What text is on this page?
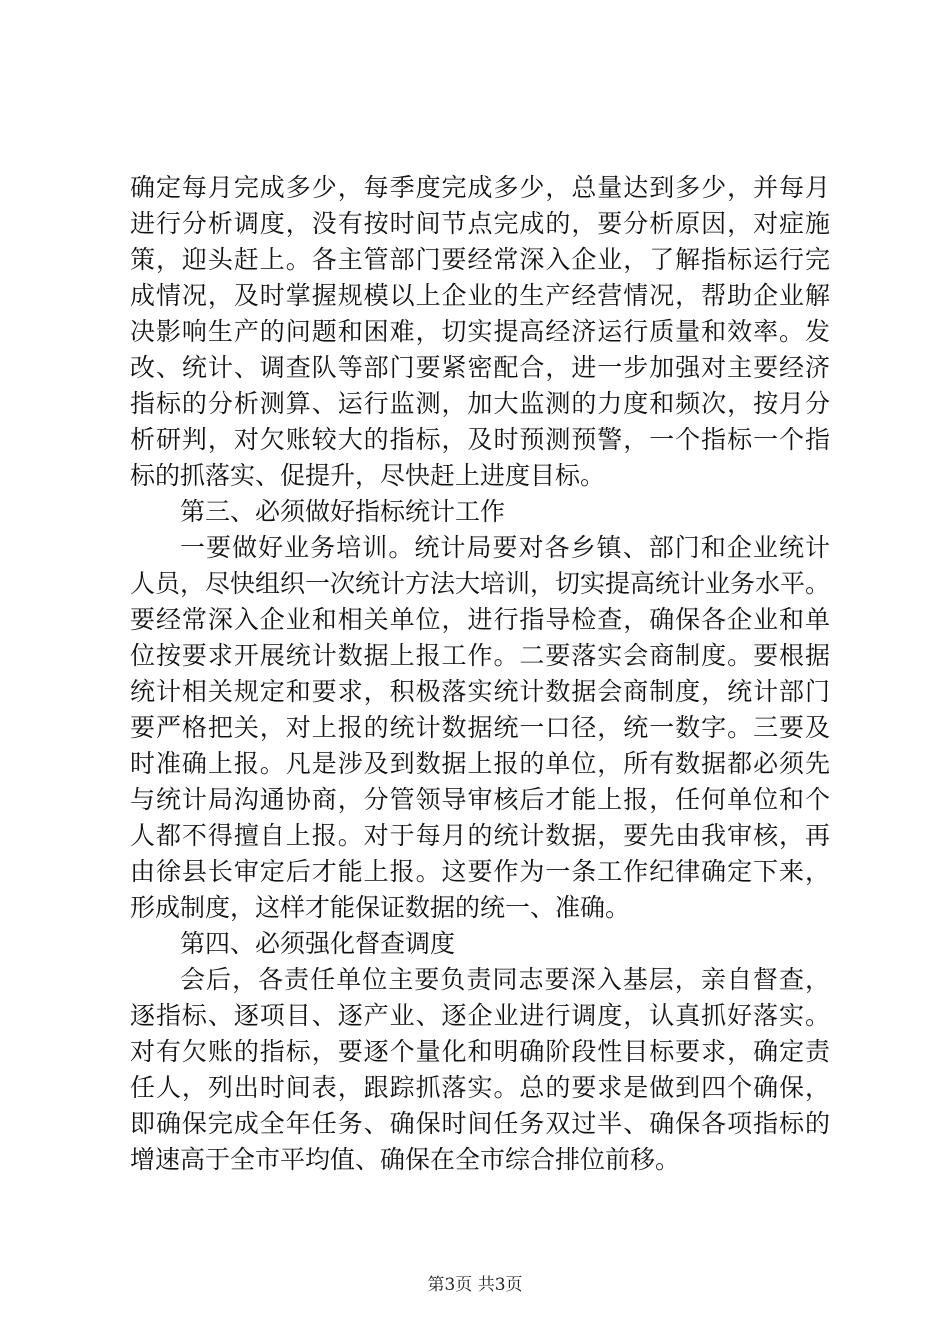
确定每月完成多少，每季度完成多少，总量达到多少，并每月
进行分析调度，没有按时间节点完成的，要分析原因，对症施
策，迎头赶上。各主管部门要经常深入企业，了解指标运行完
成情况，及时掌握规模以上企业的生产经营情况，帮助企业解
决影响生产的问题和困难，切实提高经济运行质量和效率。发
改、统计、调查队等部门要紧密配合，进一步加强对主要经济
指标的分析测算、运行监测，加大监测的力度和频次，按月分
析研判，对欠账较大的指标，及时预测预警，一个指标一个指
标的抓落实、促提升，尽快赶上进度目标。
第三、必须做好指标统计工作
一要做好业务培训。统计局要对各乡镇、部门和企业统计
人员，尽快组织一次统计方法大培训，切实提高统计业务水平。
要经常深入企业和相关单位，进行指导检查，确保各企业和单
位按要求开展统计数据上报工作。二要落实会商制度。要根据
统计相关规定和要求，积极落实统计数据会商制度，统计部门
要严格把关，对上报的统计数据统一口径，统一数字。三要及
时准确上报。凡是涉及到数据上报的单位，所有数据都必须先
与统计局沟通协商，分管领导审核后才能上报，任何单位和个
人都不得擅自上报。对于每月的统计数据，要先由我审核，再
由徐县长审定后才能上报。这要作为一条工作纪律确定下来，
形成制度，这样才能保证数据的统一、准确。
第四、必须强化督查调度
会后，各责任单位主要负责同志要深入基层，亲自督查，
逐指标、逐项目、逐产业、逐企业进行调度，认真抓好落实。
对有欠账的指标，要逐个量化和明确阶段性目标要求，确定责
任人，列出时间表，跟踪抓落实。总的要求是做到四个确保，
即确保完成全年任务、确保时间任务双过半、确保各项指标的
增速高于全市平均值、确保在全市综合排位前移。
第3页 共3页
